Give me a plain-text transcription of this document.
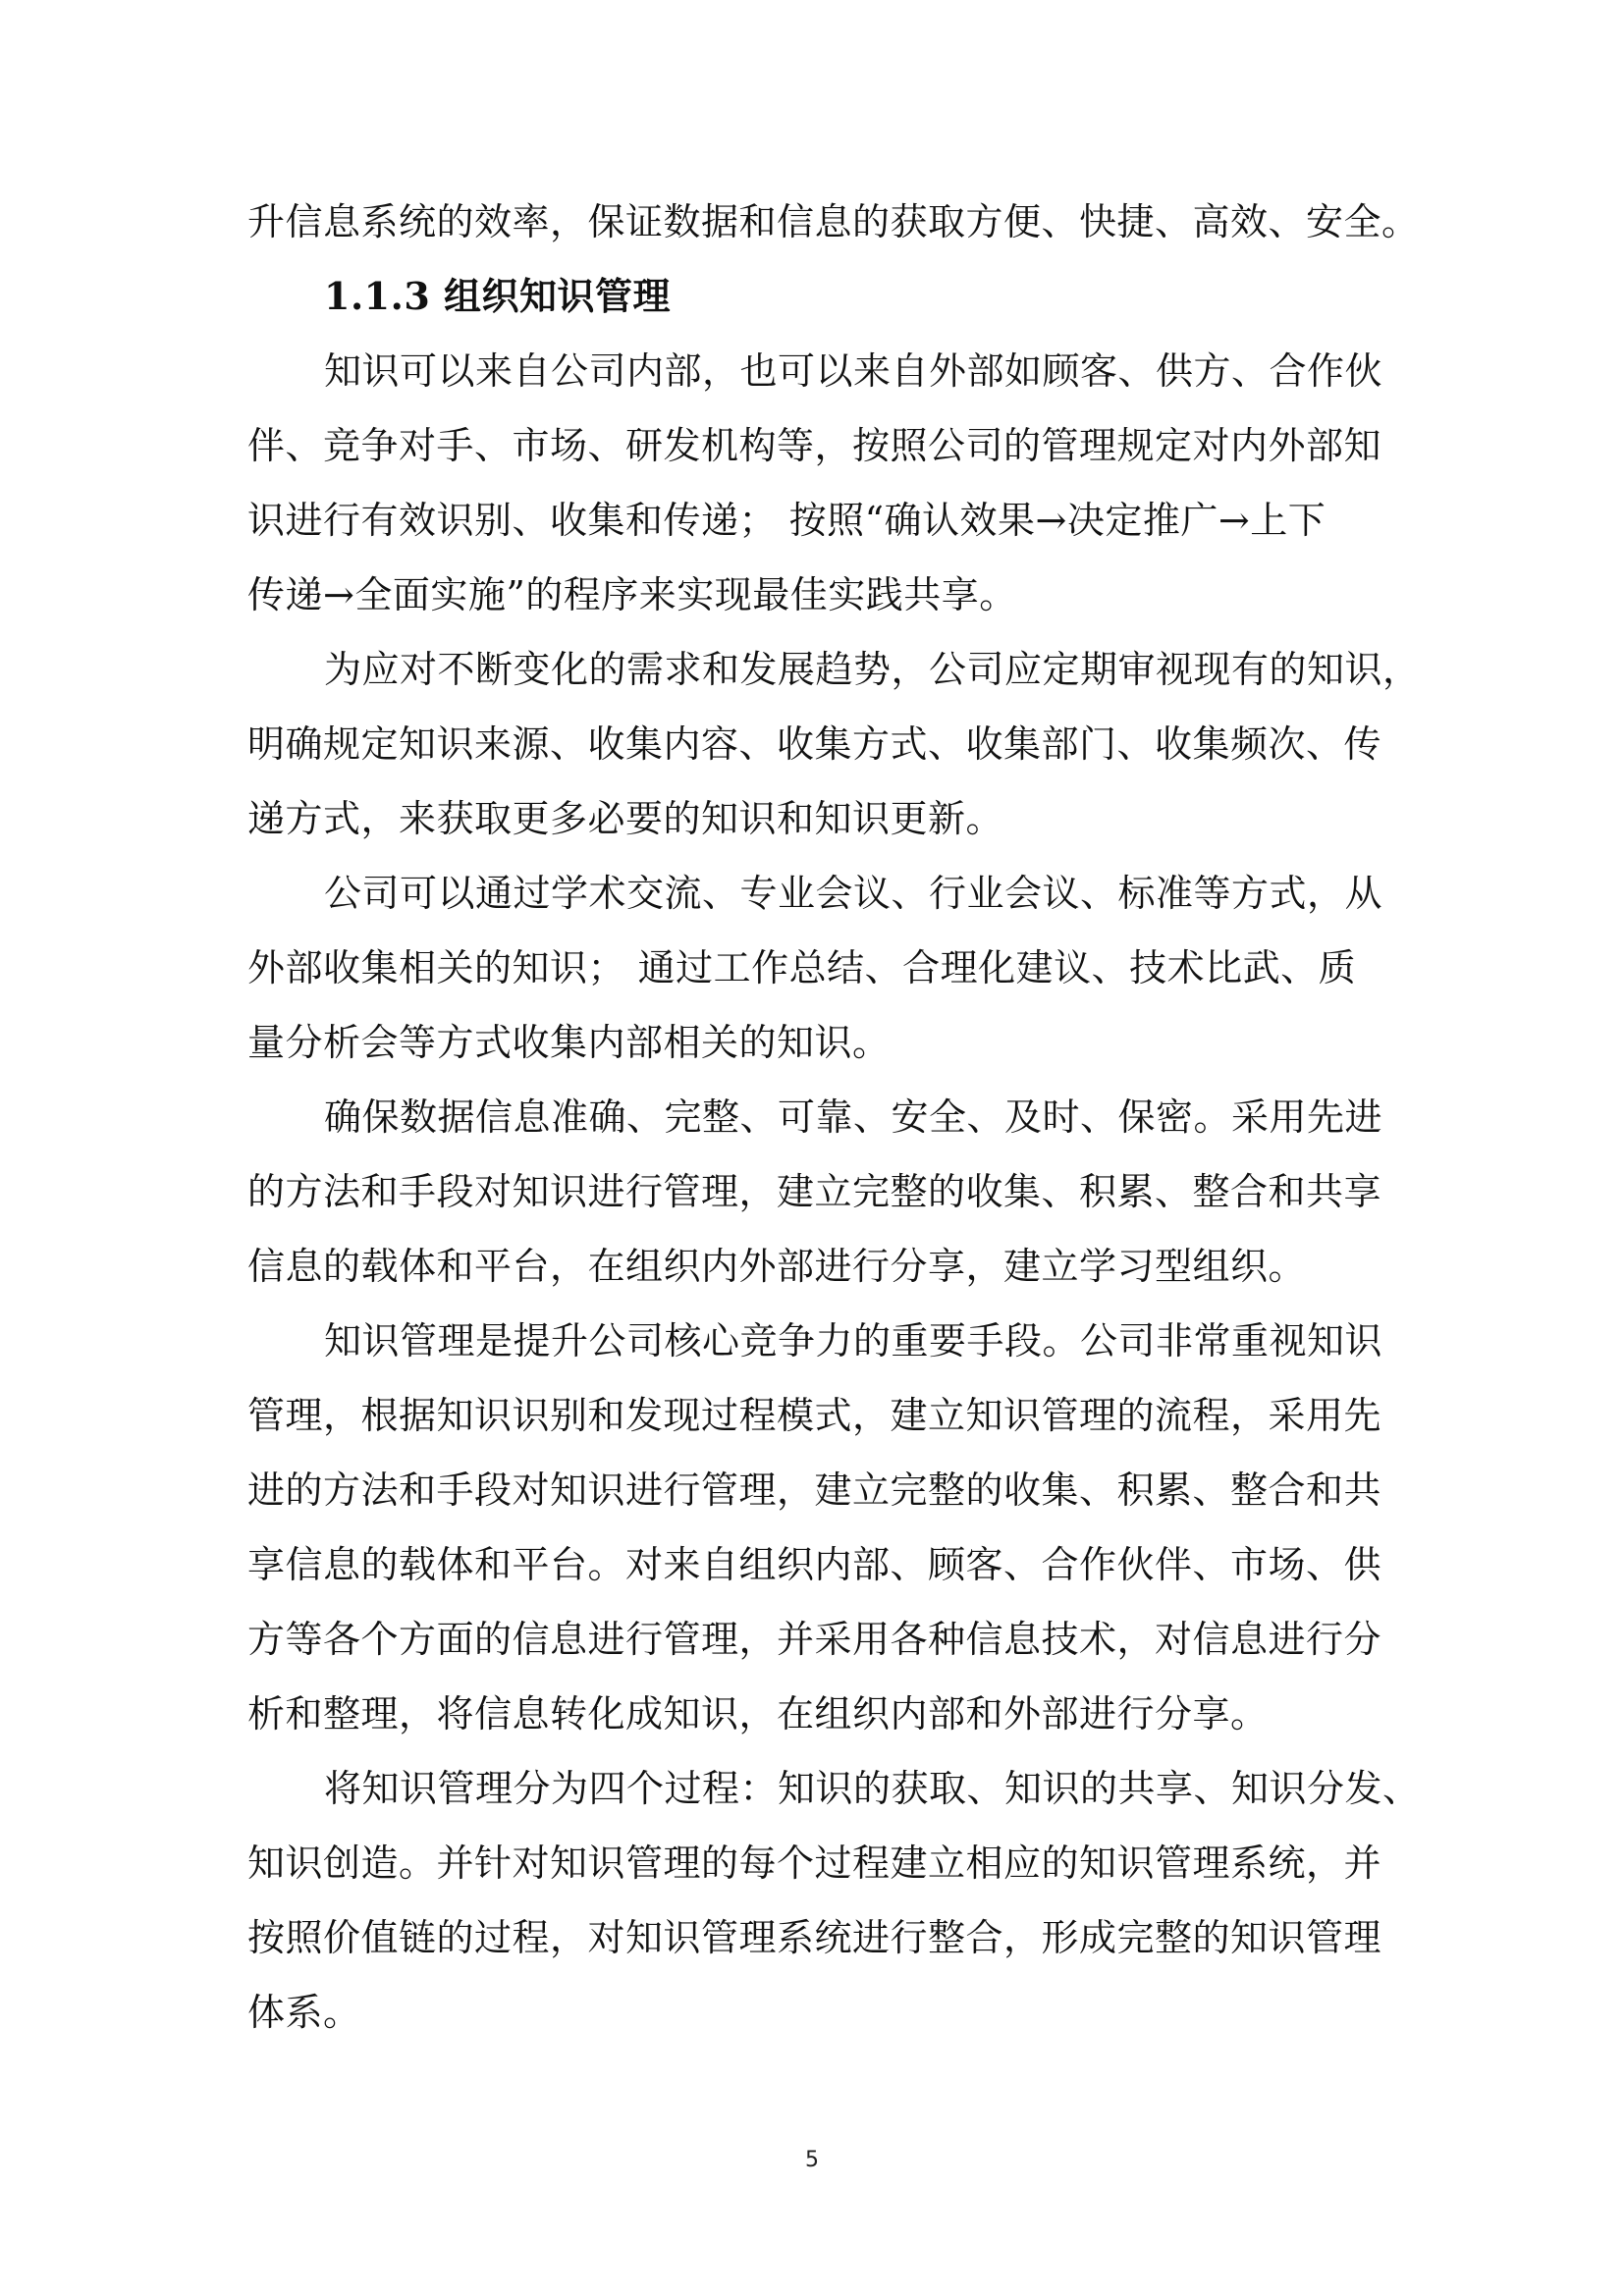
升信息系统的效率，保证数据和信息的获取方便、快捷、高效、安全。
1.1.3 组织知识管理
知识可以来自公司内部，也可以来自外部如顾客、供方、合作伙
伴、竞争对手、市场、研发机构等，按照公司的管理规定对内外部知
识进行有效识别、收集和传递； 按照“确认效果→决定推广→上下
传递→全面实施”的程序来实现最佳实践共享。
为应对不断变化的需求和发展趋势，公司应定期审视现有的知识，
明确规定知识来源、收集内容、收集方式、收集部门、收集频次、传
递方式，来获取更多必要的知识和知识更新。
公司可以通过学术交流、专业会议、行业会议、标准等方式，从
外部收集相关的知识； 通过工作总结、合理化建议、技术比武、质
量分析会等方式收集内部相关的知识。
确保数据信息准确、完整、可靠、安全、及时、保密。采用先进
的方法和手段对知识进行管理，建立完整的收集、积累、整合和共享
信息的载体和平台，在组织内外部进行分享，建立学习型组织。
知识管理是提升公司核心竞争力的重要手段。公司非常重视知识
管理，根据知识识别和发现过程模式，建立知识管理的流程，采用先
进的方法和手段对知识进行管理，建立完整的收集、积累、整合和共
享信息的载体和平台。对来自组织内部、顾客、合作伙伴、市场、供
方等各个方面的信息进行管理，并采用各种信息技术，对信息进行分
析和整理，将信息转化成知识，在组织内部和外部进行分享。
将知识管理分为四个过程：知识的获取、知识的共享、知识分发、
知识创造。并针对知识管理的每个过程建立相应的知识管理系统，并
按照价值链的过程，对知识管理系统进行整合，形成完整的知识管理
体系。
5
